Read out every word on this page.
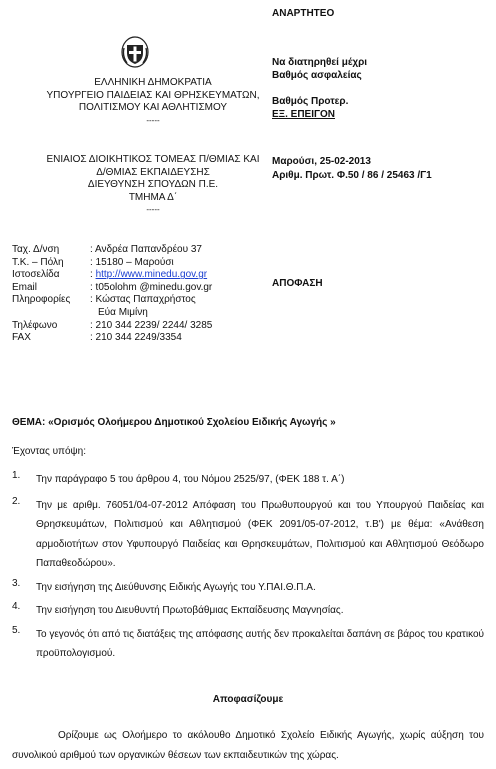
ΕΛΛΗΝΙΚΗ ΔΗΜΟΚΡΑΤΙΑ
ΥΠΟΥΡΓΕΙΟ ΠΑΙΔΕΙΑΣ ΚΑΙ ΘΡΗΣΚΕΥΜΑΤΩΝ,
ΠΟΛΙΤΙΣΜΟΥ ΚΑΙ ΑΘΛΗΤΙΣΜΟΥ
-----
ΕΝΙΑΙΟΣ ΔΙΟΙΚΗΤΙΚΟΣ ΤΟΜΕΑΣ Π/ΘΜΙΑΣ ΚΑΙ
Δ/ΘΜΙΑΣ ΕΚΠΑΙΔΕΥΣΗΣ
ΔΙΕΥΘΥΝΣΗ ΣΠΟΥΔΩΝ Π.Ε.
ΤΜΗΜΑ Δ΄
-----
Ταχ. Δ/νση	: Ανδρέα Παπανδρέου 37
Τ.Κ. – Πόλη	: 15180 – Μαρούσι
Ιστοσελίδα	: http://www.minedu.gov.gr
Email	: t05olohm @minedu.gov.gr
Πληροφορίες	: Κώστας Παπαχρήστος
Εύα Μιμίνη
Τηλέφωνο	: 210 344 2239/ 2244/ 3285
FAX	: 210 344 2249/3354
ΑΝΑΡΤΗΤΕΟ
Να διατηρηθεί μέχρι
Βαθμός ασφαλείας
Βαθμός Προτερ.
ΕΞ. ΕΠΕΙΓΟΝ
Μαρούσι, 25-02-2013
Αριθμ. Πρωτ. Φ.50 / 86 / 25463 /Γ1
ΑΠΟΦΑΣΗ
ΘΕΜΑ: «Ορισμός Ολοήμερου Δημοτικού Σχολείου Ειδικής Αγωγής »
Έχοντας υπόψη:
1.	Την παράγραφο 5 του άρθρου 4, του Νόμου 2525/97, (ΦΕΚ 188 τ. Α΄)
2.	Την με αριθμ. 76051/04-07-2012 Απόφαση του Πρωθυπουργού και του Υπουργού Παιδείας και Θρησκευμάτων, Πολιτισμού και Αθλητισμού (ΦΕΚ 2091/05-07-2012, τ.Β') με θέμα: «Ανάθεση αρμοδιοτήτων στον Υφυπουργό Παιδείας και Θρησκευμάτων, Πολιτισμού και Αθλητισμού Θεόδωρο Παπαθεοδώρου».
3.	Την εισήγηση της Διεύθυνσης Ειδικής Αγωγής του Υ.ΠΑΙ.Θ.Π.Α.
4.	Την εισήγηση του Διευθυντή Πρωτοβάθμιας Εκπαίδευσης Μαγνησίας.
5.	Το γεγονός ότι από τις διατάξεις της απόφασης αυτής δεν προκαλείται δαπάνη σε βάρος του κρατικού προϋπολογισμού.
Αποφασίζουμε
Ορίζουμε ως Ολοήμερο το ακόλουθο Δημοτικό Σχολείο Ειδικής Αγωγής, χωρίς αύξηση του συνολικού αριθμού των οργανικών θέσεων των εκπαιδευτικών της χώρας.
